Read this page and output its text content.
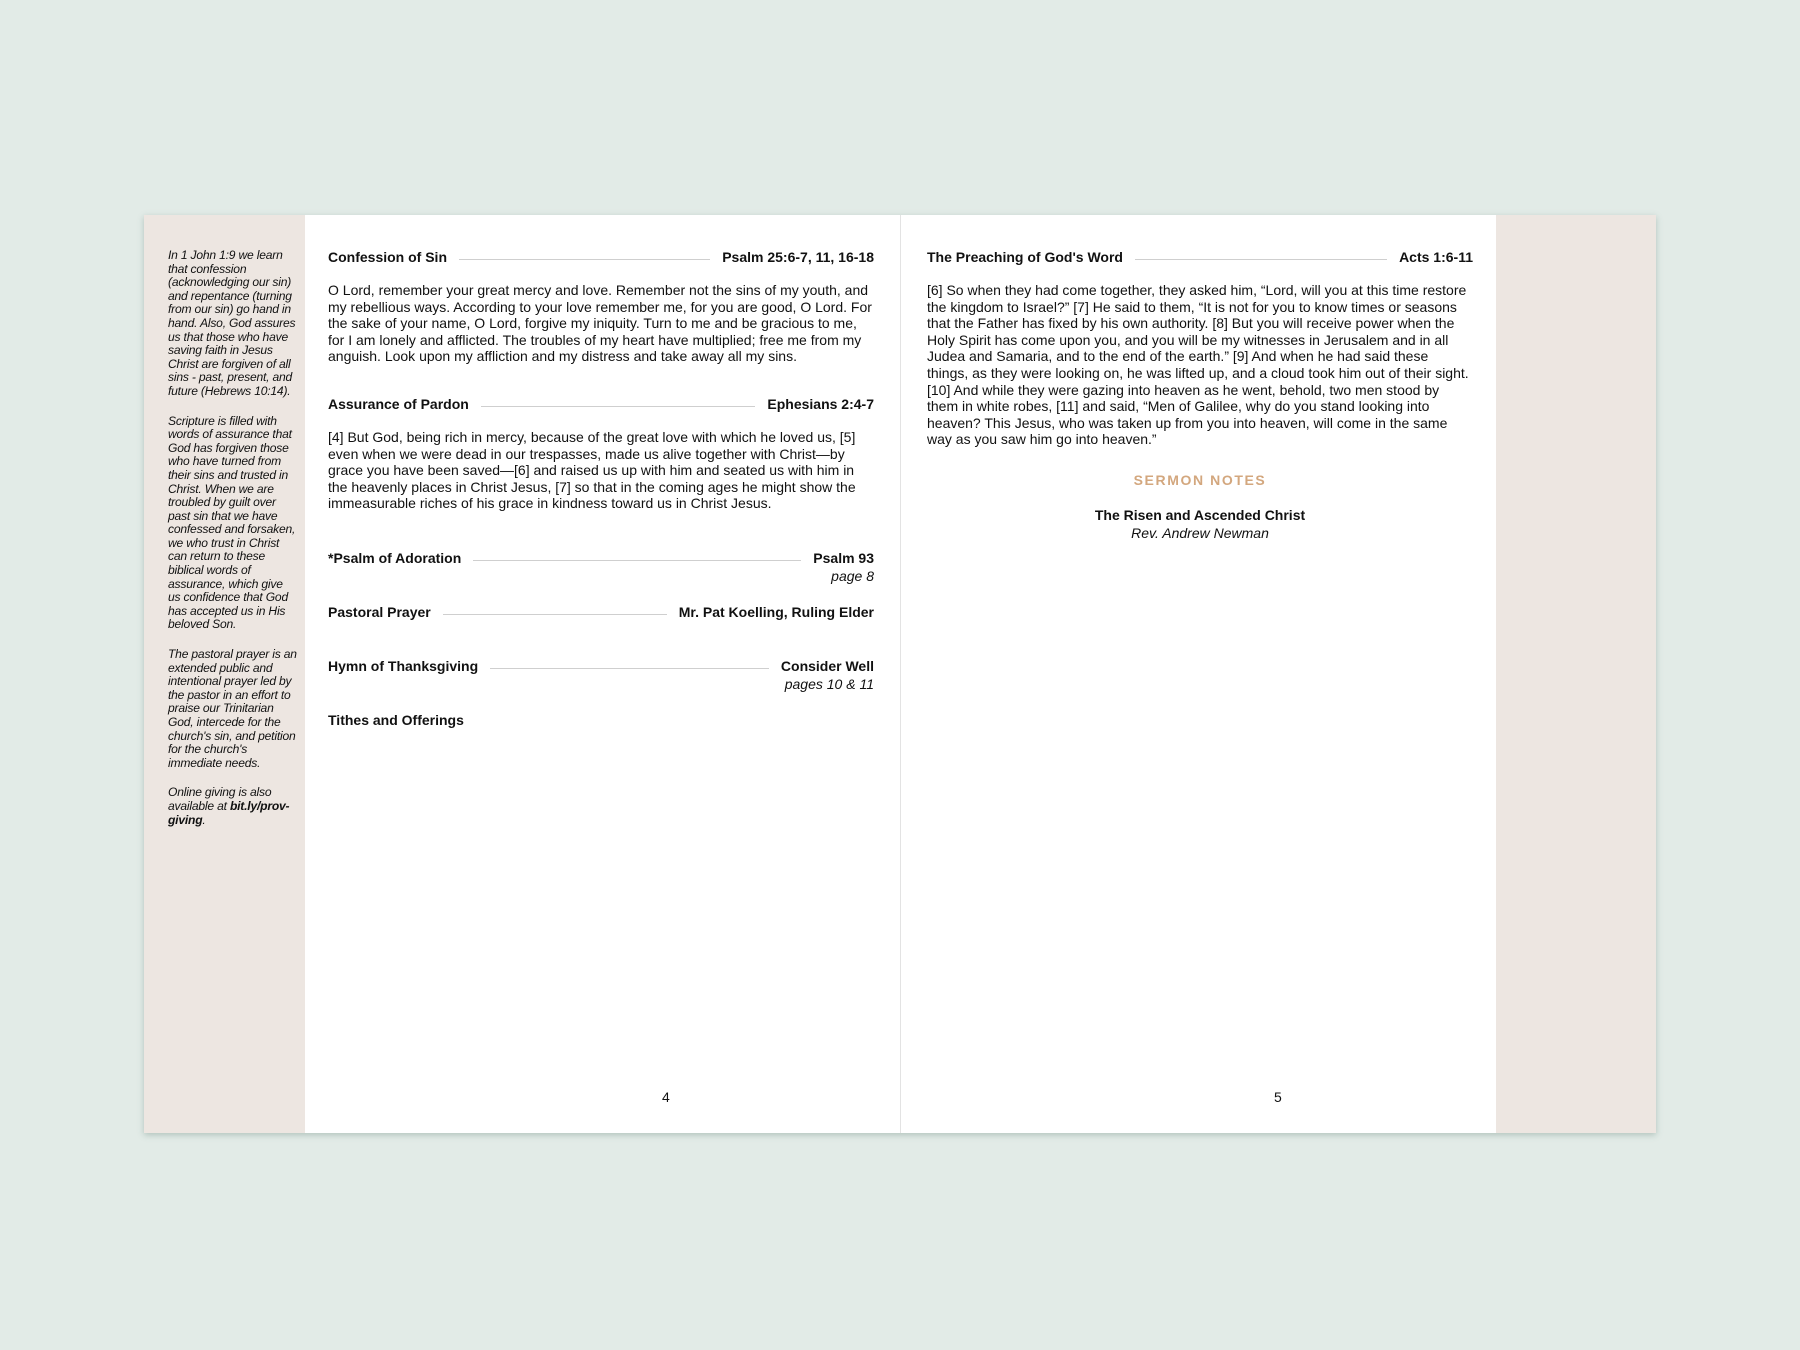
In 1 John 1:9 we learn that confession (acknowledging our sin) and repentance (turning from our sin) go hand in hand. Also, God assures us that those who have saving faith in Jesus Christ are forgiven of all sins - past, present, and future (Hebrews 10:14).

Scripture is filled with words of assurance that God has forgiven those who have turned from their sins and trusted in Christ. When we are troubled by guilt over past sin that we have confessed and forsaken, we who trust in Christ can return to these biblical words of assurance, which give us confidence that God has accepted us in His beloved Son.

The pastoral prayer is an extended public and intentional prayer led by the pastor in an effort to praise our Trinitarian God, intercede for the church's sin, and petition for the church's immediate needs.

Online giving is also available at bit.ly/prov-giving.

Confession of Sin	Psalm 25:6-7, 11, 16-18

O Lord, remember your great mercy and love. Remember not the sins of my youth, and my rebellious ways. According to your love remember me, for you are good, O Lord. For the sake of your name, O Lord, forgive my iniquity. Turn to me and be gracious to me, for I am lonely and afflicted. The troubles of my heart have multiplied; free me from my anguish. Look upon my affliction and my distress and take away all my sins.

Assurance of Pardon	Ephesians 2:4-7

[4] But God, being rich in mercy, because of the great love with which he loved us, [5] even when we were dead in our trespasses, made us alive together with Christ—by grace you have been saved—[6] and raised us up with him and seated us with him in the heavenly places in Christ Jesus, [7] so that in the coming ages he might show the immeasurable riches of his grace in kindness toward us in Christ Jesus.

*Psalm of Adoration	Psalm 93
page 8
Pastoral Prayer	Mr. Pat Koelling, Ruling Elder
Hymn of Thanksgiving	Consider Well
pages 10 & 11
Tithes and Offerings
4
The Preaching of God's Word	Acts 1:6-11

[6] So when they had come together, they asked him, “Lord, will you at this time restore the kingdom to Israel?” [7] He said to them, “It is not for you to know times or seasons that the Father has fixed by his own authority. [8] But you will receive power when the Holy Spirit has come upon you, and you will be my witnesses in Jerusalem and in all Judea and Samaria, and to the end of the earth.” [9] And when he had said these things, as they were looking on, he was lifted up, and a cloud took him out of their sight. [10] And while they were gazing into heaven as he went, behold, two men stood by them in white robes, [11] and said, “Men of Galilee, why do you stand looking into heaven? This Jesus, who was taken up from you into heaven, will come in the same way as you saw him go into heaven.”

SERMON NOTES
The Risen and Ascended Christ
Rev. Andrew Newman
5
